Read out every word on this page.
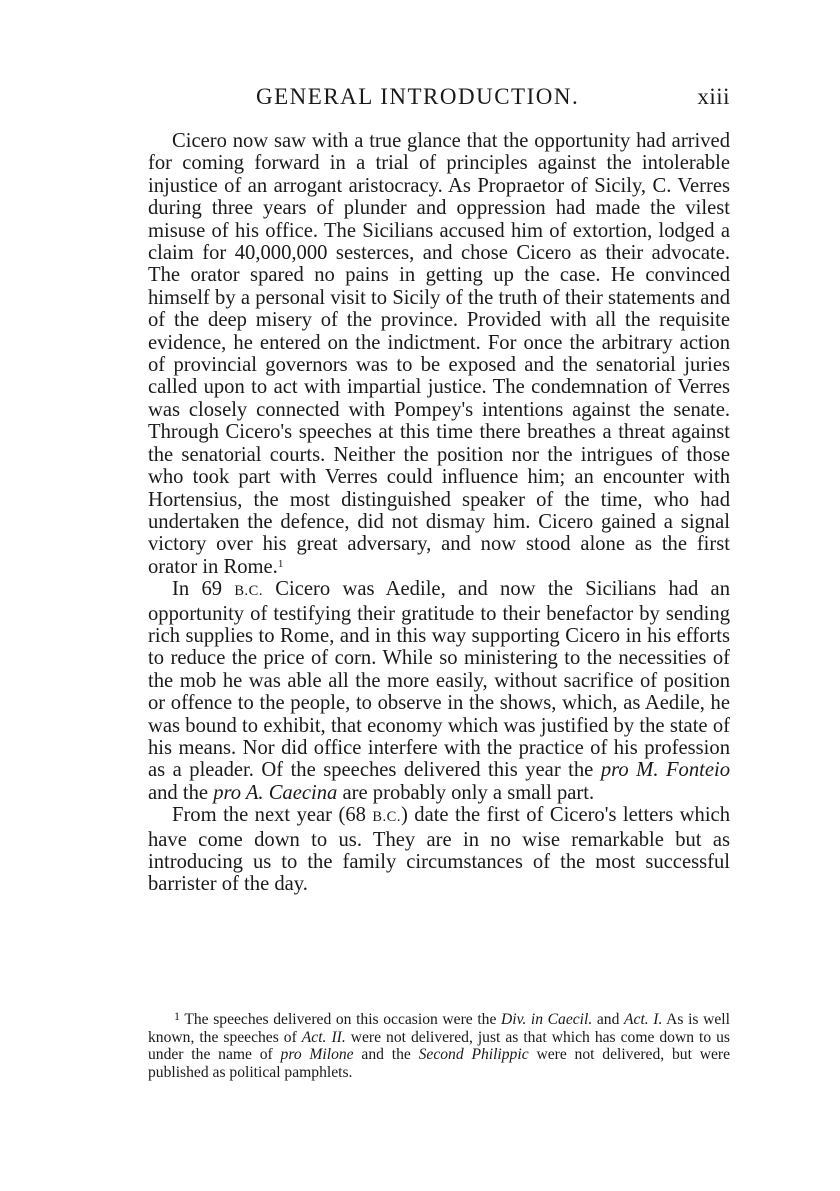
GENERAL INTRODUCTION.	xiii

Cicero now saw with a true glance that the opportunity had arrived for coming forward in a trial of principles against the intolerable injustice of an arrogant aristocracy. As Propraetor of Sicily, C. Verres during three years of plunder and oppression had made the vilest misuse of his office. The Sicilians accused him of extortion, lodged a claim for 40,000,000 sesterces, and chose Cicero as their advocate. The orator spared no pains in getting up the case. He convinced himself by a personal visit to Sicily of the truth of their statements and of the deep misery of the province. Provided with all the requisite evidence, he entered on the indictment. For once the arbitrary action of provincial governors was to be exposed and the senatorial juries called upon to act with impartial justice. The condemnation of Verres was closely connected with Pompey's intentions against the senate. Through Cicero's speeches at this time there breathes a threat against the senatorial courts. Neither the position nor the intrigues of those who took part with Verres could influence him; an encounter with Hortensius, the most distinguished speaker of the time, who had undertaken the defence, did not dismay him. Cicero gained a signal victory over his great adversary, and now stood alone as the first orator in Rome.$^1$

In 69 B.C. Cicero was Aedile, and now the Sicilians had an opportunity of testifying their gratitude to their benefactor by sending rich supplies to Rome, and in this way supporting Cicero in his efforts to reduce the price of corn. While so ministering to the necessities of the mob he was able all the more easily, without sacrifice of position or offence to the people, to observe in the shows, which, as Aedile, he was bound to exhibit, that economy which was justified by the state of his means. Nor did office interfere with the practice of his profession as a pleader. Of the speeches delivered this year the pro M. Fonteio and the pro A. Caecina are probably only a small part.

From the next year (68 B.C.) date the first of Cicero's letters which have come down to us. They are in no wise remarkable but as introducing us to the family circumstances of the most successful barrister of the day.

$^1$ The speeches delivered on this occasion were the Div. in Caecil. and Act. I. As is well known, the speeches of Act. II. were not delivered, just as that which has come down to us under the name of pro Milone and the Second Philippic were not delivered, but were published as political pamphlets.
